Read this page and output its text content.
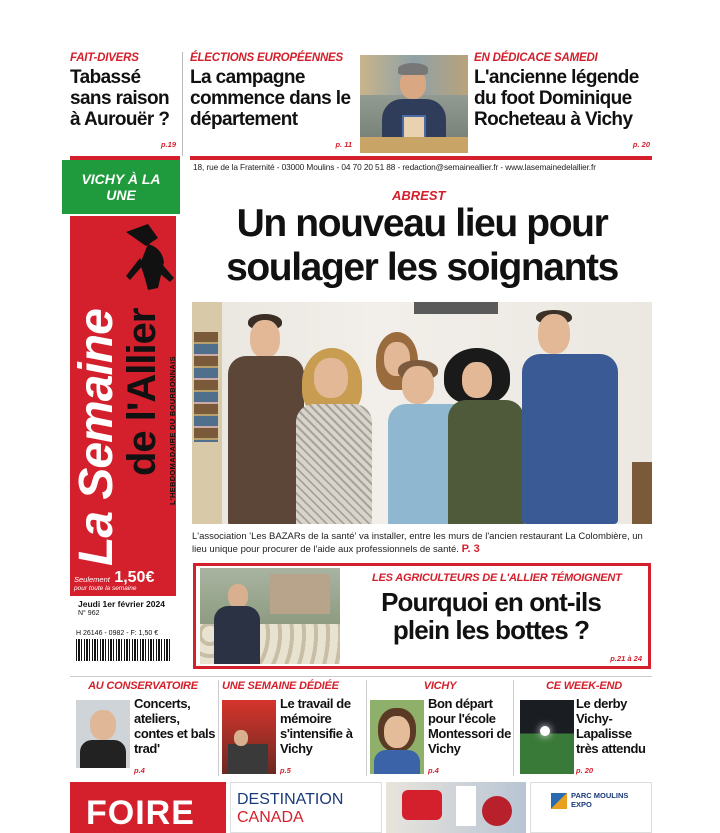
FAIT-DIVERS
Tabassé sans raison à Aurouër ?
p.19
ÉLECTIONS EUROPÉENNES
La campagne commence dans le département
p. 11
EN DÉDICACE SAMEDI
L'ancienne légende du foot Dominique Rocheteau à Vichy
p. 20
18, rue de la Fraternité - 03000 Moulins - 04 70 20 51 88 - redaction@semaineallier.fr - www.lasemainedelallier.fr
VICHY À LA UNE
La Semaine
de l'Allier L'HEBDOMADAIRE DU BOURBONNAIS
Seulement 1,50€
pour toute la semaine
Jeudi 1er février 2024
N° 962
H 26146 - 0982 - F: 1,50 €
ABREST
Un nouveau lieu pour soulager les soignants
L'association 'Les BAZARs de la santé' va installer, entre les murs de l'ancien restaurant La Colombière, un lieu unique pour procurer de l'aide aux professionnels de santé. P. 3
LES AGRICULTEURS DE L'ALLIER TÉMOIGNENT
Pourquoi en ont-ils plein les bottes ?
p.21 à 24
AU CONSERVATOIRE
Concerts, ateliers, contes et bals trad'
p.4
UNE SEMAINE DÉDIÉE
Le travail de mémoire s'intensifie à Vichy
p.5
VICHY
Bon départ pour l'école Montessori de Vichy
p.4
CE WEEK-END
Le derby Vichy-Lapalisse très attendu
p. 20
FOIRE	DESTINATION CANADA
PARC MOULINS EXPO
